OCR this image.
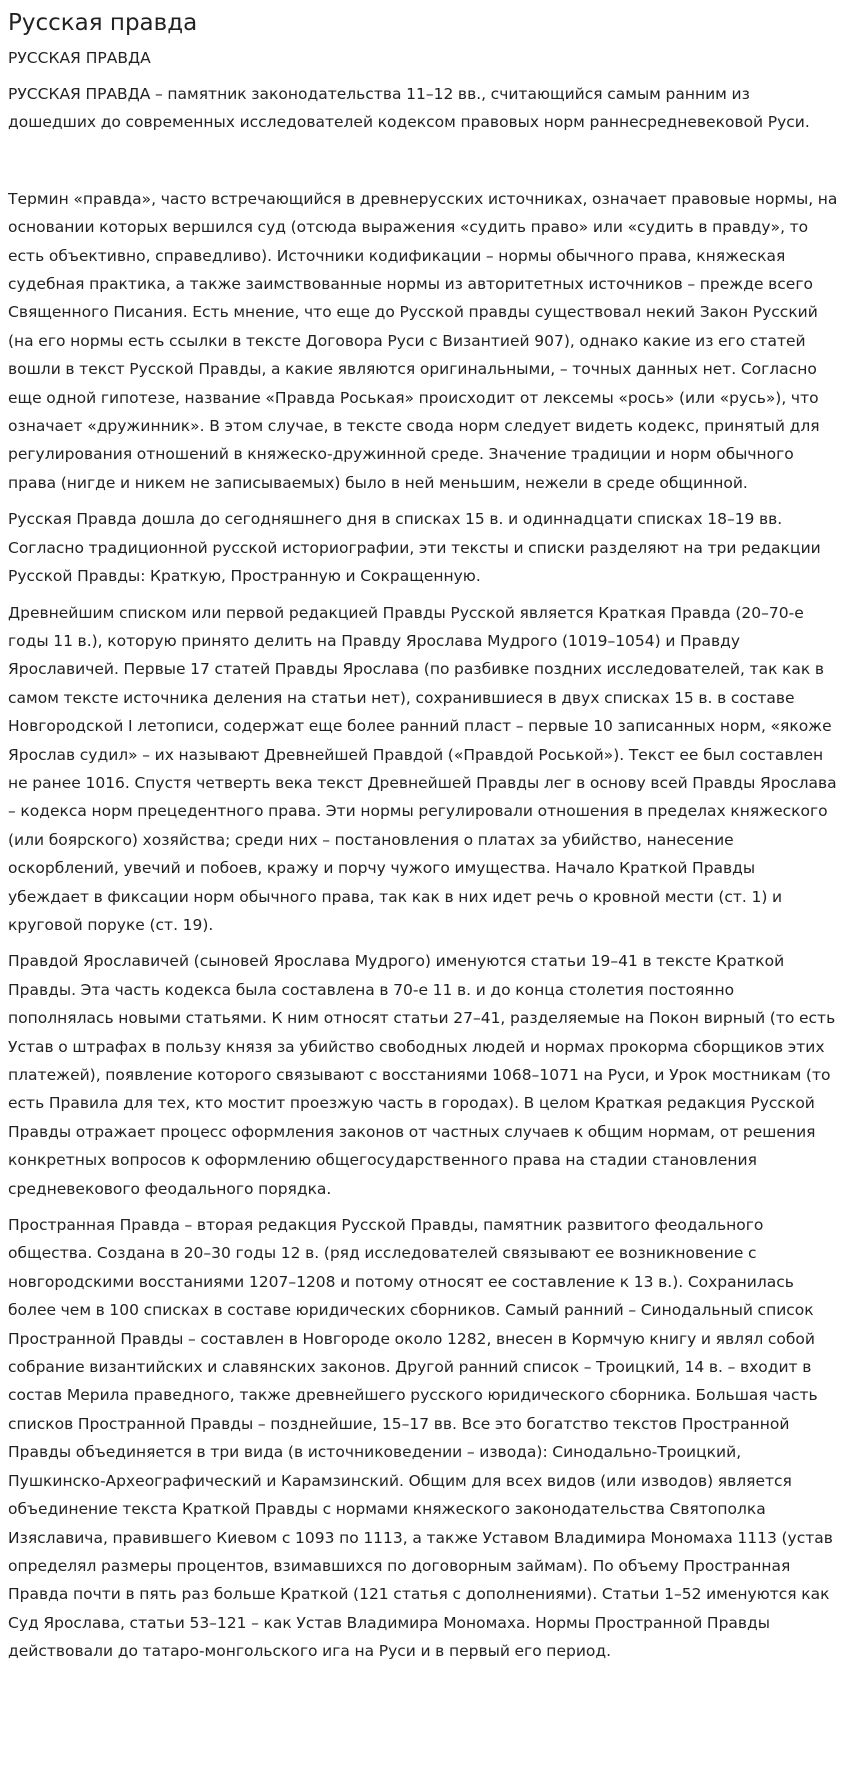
Русская правда
РУССКАЯ ПРАВДА

РУССКАЯ ПРАВДА – памятник законодательства 11–12 вв., считающийся самым ранним из дошедших до современных исследователей кодексом правовых норм раннесредневековой Руси.

Термин «правда», часто встречающийся в древнерусских источниках, означает правовые нормы, на основании которых вершился суд (отсюда выражения «судить право» или «судить в правду», то есть объективно, справедливо). Источники кодификации – нормы обычного права, княжеская судебная практика, а также заимствованные нормы из авторитетных источников – прежде всего Священного Писания. Есть мнение, что еще до Русской правды существовал некий Закон Русский (на его нормы есть ссылки в тексте Договора Руси с Византией 907), однако какие из его статей вошли в текст Русской Правды, а какие являются оригинальными, – точных данных нет. Согласно еще одной гипотезе, название «Правда Роськая» происходит от лексемы «рось» (или «русь»), что означает «дружинник». В этом случае, в тексте свода норм следует видеть кодекс, принятый для регулирования отношений в княжеско-дружинной среде. Значение традиции и норм обычного права (нигде и никем не записываемых) было в ней меньшим, нежели в среде общинной.

Русская Правда дошла до сегодняшнего дня в списках 15 в. и одиннадцати списках 18–19 вв. Согласно традиционной русской историографии, эти тексты и списки разделяют на три редакции Русской Правды: Краткую, Пространную и Сокращенную.

Древнейшим списком или первой редакцией Правды Русской является Краткая Правда (20–70-е годы 11 в.), которую принято делить на Правду Ярослава Мудрого (1019–1054) и Правду Ярославичей. Первые 17 статей Правды Ярослава (по разбивке поздних исследователей, так как в самом тексте источника деления на статьи нет), сохранившиеся в двух списках 15 в. в составе Новгородской I летописи, содержат еще более ранний пласт – первые 10 записанных норм, «якоже Ярослав судил» – их называют Древнейшей Правдой («Правдой Роськой»). Текст ее был составлен не ранее 1016. Спустя четверть века текст Древнейшей Правды лег в основу всей Правды Ярослава – кодекса норм прецедентного права. Эти нормы регулировали отношения в пределах княжеского (или боярского) хозяйства; среди них – постановления о платах за убийство, нанесение оскорблений, увечий и побоев, кражу и порчу чужого имущества. Начало Краткой Правды убеждает в фиксации норм обычного права, так как в них идет речь о кровной мести (ст. 1) и круговой поруке (ст. 19).

Правдой Ярославичей (сыновей Ярослава Мудрого) именуются статьи 19–41 в тексте Краткой Правды. Эта часть кодекса была составлена в 70-е 11 в. и до конца столетия постоянно пополнялась новыми статьями. К ним относят статьи 27–41, разделяемые на Покон вирный (то есть Устав о штрафах в пользу князя за убийство свободных людей и нормах прокорма сборщиков этих платежей), появление которого связывают с восстаниями 1068–1071 на Руси, и Урок мостникам (то есть Правила для тех, кто мостит проезжую часть в городах). В целом Краткая редакция Русской Правды отражает процесс оформления законов от частных случаев к общим нормам, от решения конкретных вопросов к оформлению общегосударственного права на стадии становления средневекового феодального порядка.

Пространная Правда – вторая редакция Русской Правды, памятник развитого феодального общества. Создана в 20–30 годы 12 в. (ряд исследователей связывают ее возникновение с новгородскими восстаниями 1207–1208 и потому относят ее составление к 13 в.). Сохранилась более чем в 100 списках в составе юридических сборников. Самый ранний – Синодальный список Пространной Правды – составлен в Новгороде около 1282, внесен в Кормчую книгу и являл собой собрание византийских и славянских законов. Другой ранний список – Троицкий, 14 в. – входит в состав Мерила праведного, также древнейшего русского юридического сборника. Большая часть списков Пространной Правды – позднейшие, 15–17 вв. Все это богатство текстов Пространной Правды объединяется в три вида (в источниковедении – извода): Синодально-Троицкий, Пушкинско-Археографический и Карамзинский. Общим для всех видов (или изводов) является объединение текста Краткой Правды с нормами княжеского законодательства Святополка Изяславича, правившего Киевом с 1093 по 1113, а также Уставом Владимира Мономаха 1113 (устав определял размеры процентов, взимавшихся по договорным займам). По объему Пространная Правда почти в пять раз больше Краткой (121 статья с дополнениями). Статьи 1–52 именуются как Суд Ярослава, статьи 53–121 – как Устав Владимира Мономаха. Нормы Пространной Правды действовали до татаро-монгольского ига на Руси и в первый его период.
